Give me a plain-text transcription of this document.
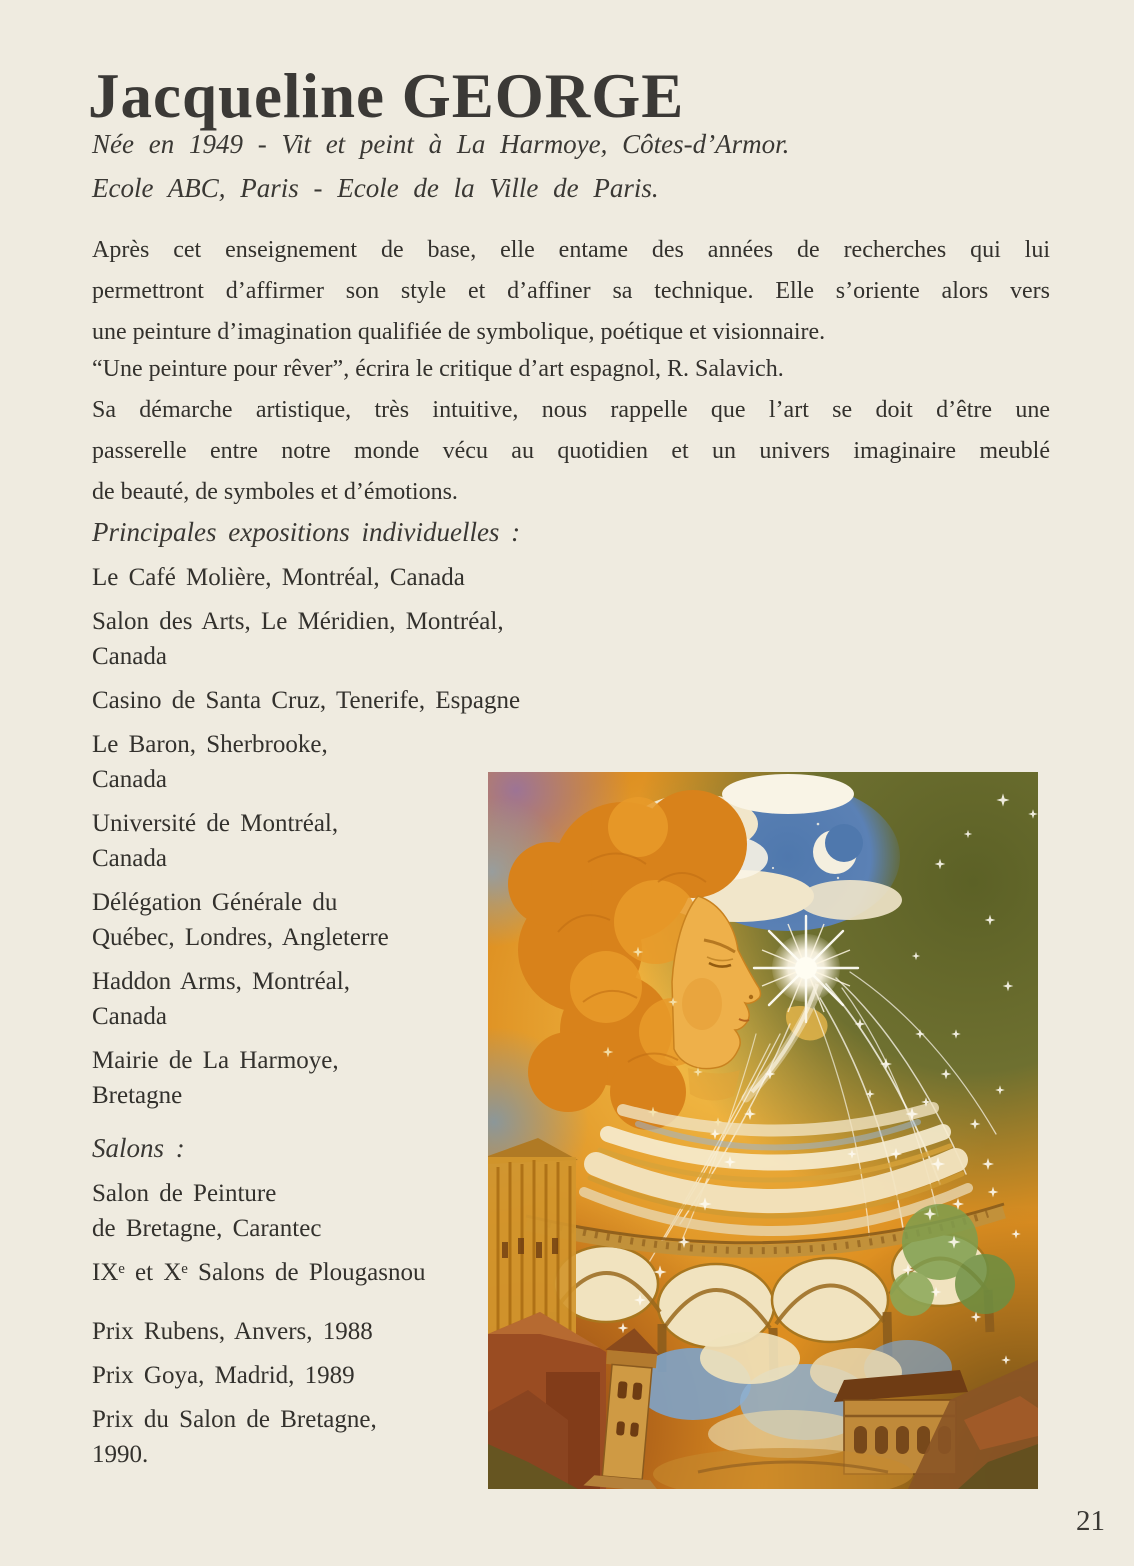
Jacqueline GEORGE
Née en 1949 - Vit et peint à La Harmoye, Côtes-d’Armor.
Ecole ABC, Paris - Ecole de la Ville de Paris.
Après cet enseignement de base, elle entame des années de recherches qui lui
permettront d’affirmer son style et d’affiner sa technique. Elle s’oriente alors vers
une peinture d’imagination qualifiée de symbolique, poétique et visionnaire.
“Une peinture pour rêver”, écrira le critique d’art espagnol, R. Salavich.
Sa démarche artistique, très intuitive, nous rappelle que l’art se doit d’être une
passerelle entre notre monde vécu au quotidien et un univers imaginaire meublé
de beauté, de symboles et d’émotions.
Principales expositions individuelles :
Le Café Molière, Montréal, Canada
Salon des Arts, Le Méridien, Montréal,
Canada
Casino de Santa Cruz, Tenerife, Espagne
Le Baron, Sherbrooke,
Canada
Université de Montréal,
Canada
Délégation Générale du
Québec, Londres, Angleterre
Haddon Arms, Montréal,
Canada
Mairie de La Harmoye,
Bretagne
Salons :
Salon de Peinture
de Bretagne, Carantec
IXᵉ et Xᵉ Salons de Plougasnou
Prix Rubens, Anvers, 1988
Prix Goya, Madrid, 1989
Prix du Salon de Bretagne,
1990.
21
